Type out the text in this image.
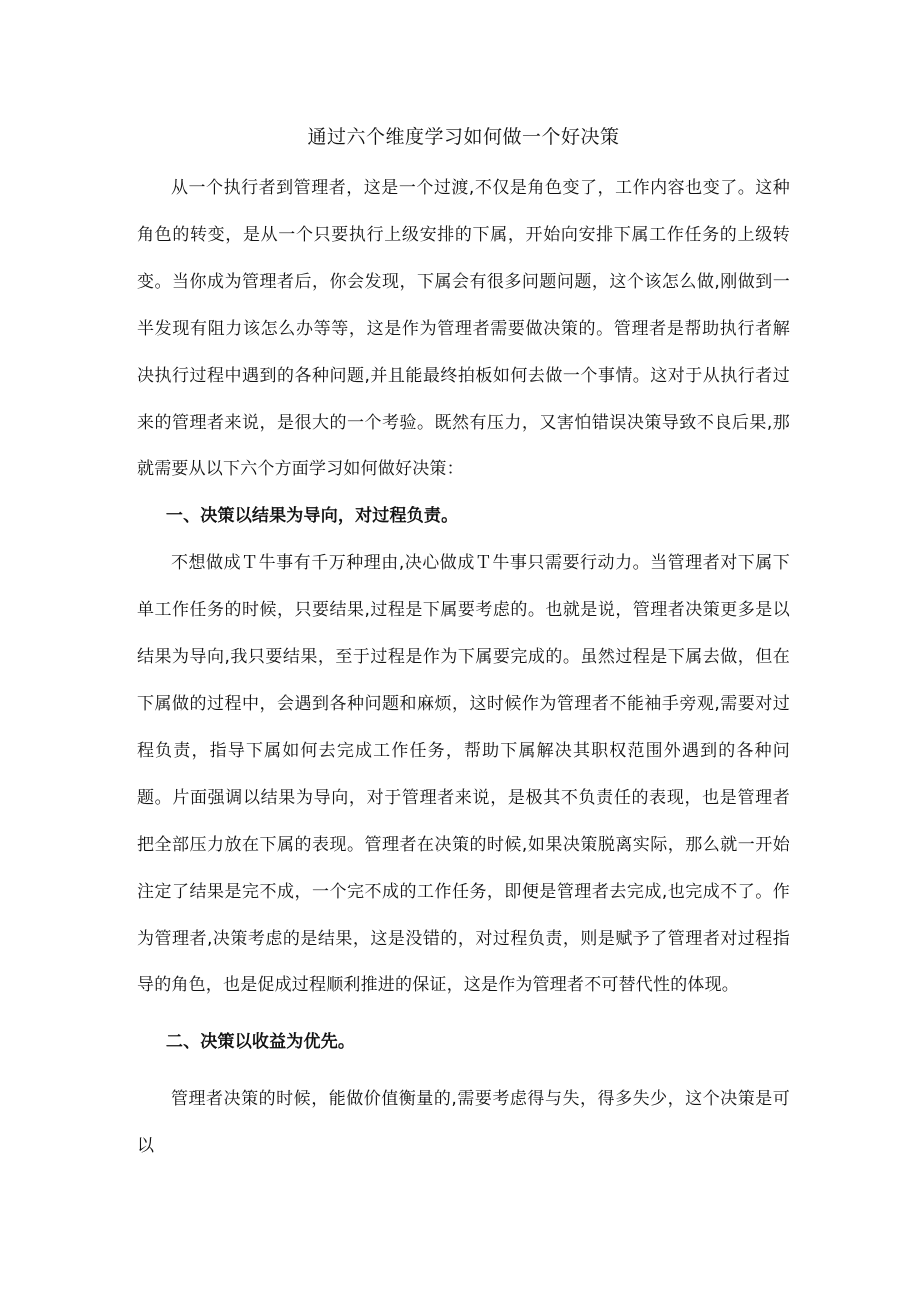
通过六个维度学习如何做一个好决策

从一个执行者到管理者，这是一个过渡,不仅是角色变了，工作内容也变了。这种角色的转变，是从一个只要执行上级安排的下属，开始向安排下属工作任务的上级转变。当你成为管理者后，你会发现，下属会有很多问题问题，这个该怎么做,刚做到一半发现有阻力该怎么办等等，这是作为管理者需要做决策的。管理者是帮助执行者解决执行过程中遇到的各种问题,并且能最终拍板如何去做一个事情。这对于从执行者过来的管理者来说，是很大的一个考验。既然有压力，又害怕错误决策导致不良后果,那就需要从以下六个方面学习如何做好决策：

一、决策以结果为导向，对过程负责。

不想做成Ｔ牛事有千万种理由,决心做成Ｔ牛事只需要行动力。当管理者对下属下单工作任务的时候，只要结果,过程是下属要考虑的。也就是说，管理者决策更多是以结果为导向,我只要结果，至于过程是作为下属要完成的。虽然过程是下属去做，但在下属做的过程中，会遇到各种问题和麻烦，这时候作为管理者不能袖手旁观,需要对过程负责，指导下属如何去完成工作任务，帮助下属解决其职权范围外遇到的各种问题。片面强调以结果为导向，对于管理者来说，是极其不负责任的表现，也是管理者把全部压力放在下属的表现。管理者在决策的时候,如果决策脱离实际，那么就一开始注定了结果是完不成，一个完不成的工作任务，即便是管理者去完成,也完成不了。作为管理者,决策考虑的是结果，这是没错的，对过程负责，则是赋予了管理者对过程指导的角色，也是促成过程顺利推进的保证，这是作为管理者不可替代性的体现。

二、决策以收益为优先。

管理者决策的时候，能做价值衡量的,需要考虑得与失，得多失少，这个决策是可以
